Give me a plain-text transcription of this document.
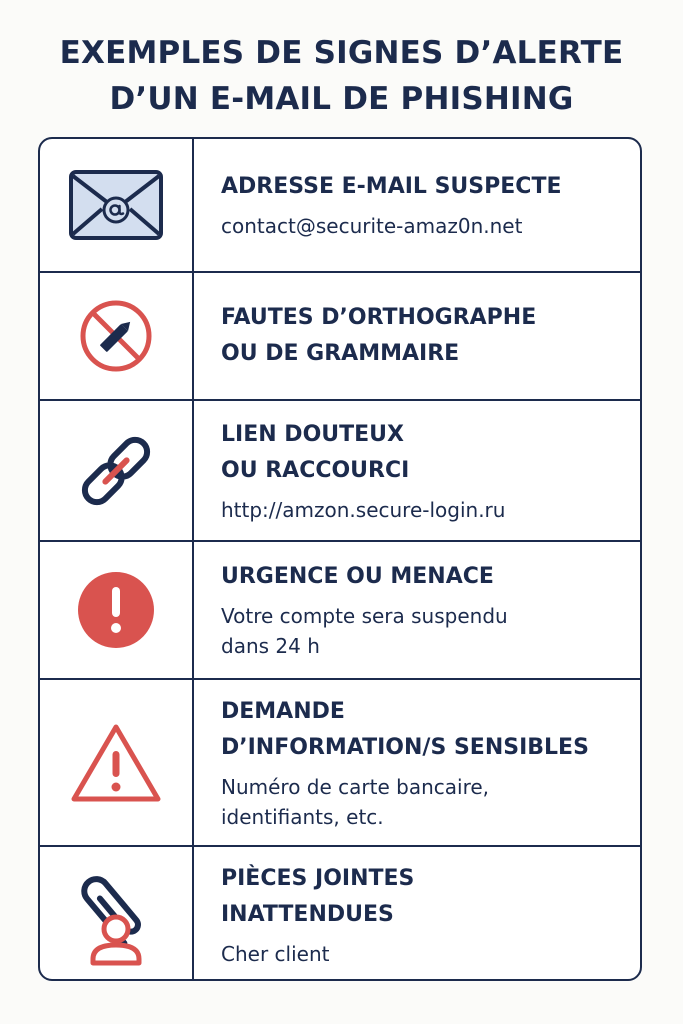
EXEMPLES DE SIGNES D’ALERTE
D’UN E-MAIL DE PHISHING
ADRESSE E-MAIL SUSPECTE
contact@securite-amaz0n.net
FAUTES D’ORTHOGRAPHE
OU DE GRAMMAIRE
LIEN DOUTEUX
OU RACCOURCI
http://amzon.secure-login.ru
URGENCE OU MENACE
Votre compte sera suspendu
dans 24 h
DEMANDE
D’INFORMATION/S SENSIBLES
Numéro de carte bancaire,
identifiants, etc.
PIÈCES JOINTES
INATTENDUES
Cher client
